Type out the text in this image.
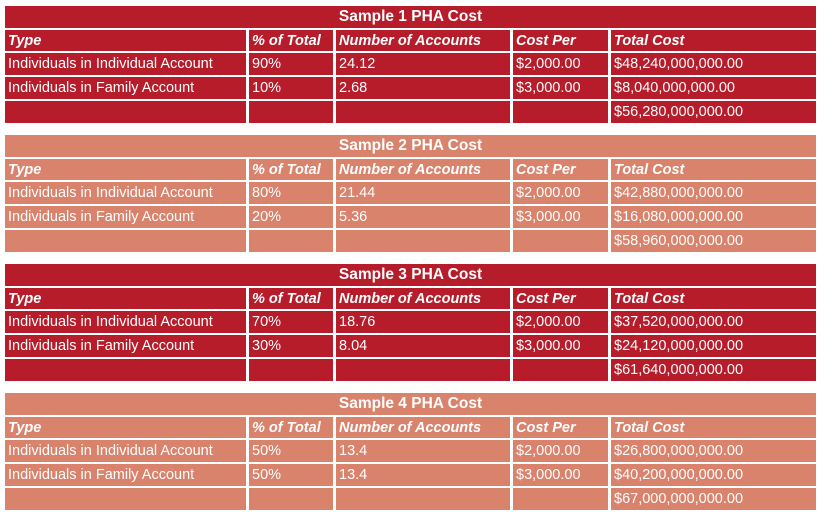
Sample 1 PHA Cost				
Type	% of Total	Number of Accounts	Cost Per	Total Cost
Individuals in Individual Account	90%	24.12	$2,000.00	$48,240,000,000.00
Individuals in Family Account	10%	2.68	$3,000.00	$8,040,000,000.00
				$56,280,000,000.00
Sample 2 PHA Cost				
Type	% of Total	Number of Accounts	Cost Per	Total Cost
Individuals in Individual Account	80%	21.44	$2,000.00	$42,880,000,000.00
Individuals in Family Account	20%	5.36	$3,000.00	$16,080,000,000.00
				$58,960,000,000.00
Sample 3 PHA Cost				
Type	% of Total	Number of Accounts	Cost Per	Total Cost
Individuals in Individual Account	70%	18.76	$2,000.00	$37,520,000,000.00
Individuals in Family Account	30%	8.04	$3,000.00	$24,120,000,000.00
				$61,640,000,000.00
Sample 4 PHA Cost				
Type	% of Total	Number of Accounts	Cost Per	Total Cost
Individuals in Individual Account	50%	13.4	$2,000.00	$26,800,000,000.00
Individuals in Family Account	50%	13.4	$3,000.00	$40,200,000,000.00
				$67,000,000,000.00
